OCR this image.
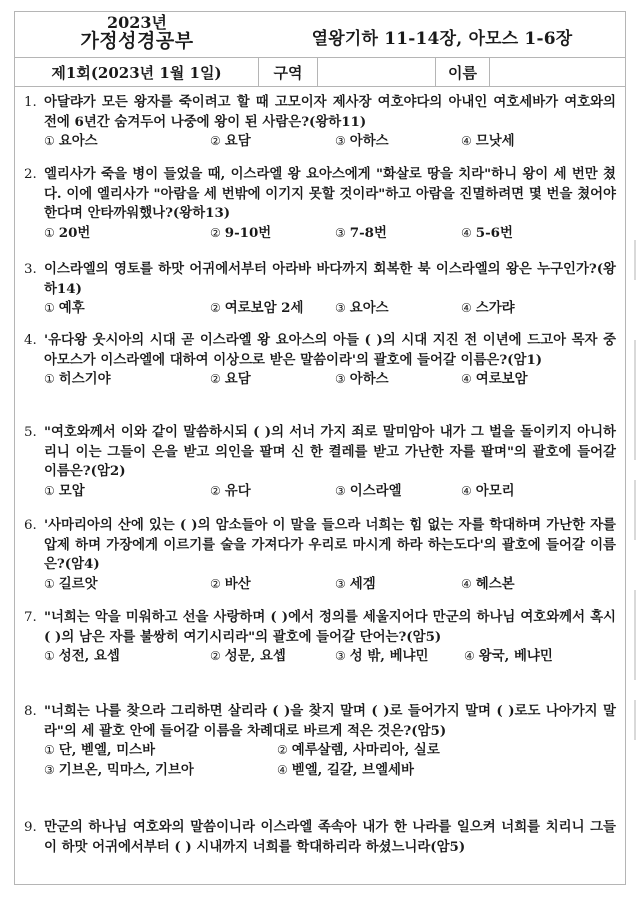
2023년
가정성경공부	열왕기하 11-14장, 아모스 1-6장
제1회(2023년 1월 1일)	구역	이름
1. 아달랴가 모든 왕자를 죽이려고 할 때 고모이자 제사장 여호야다의 아내인 여호세바가 여호와의 전에 6년간 숨겨두어 나중에 왕이 된 사람은?(왕하11)
① 요아스	② 요담	③ 아하스	④ 므낫세
2. 엘리사가 죽을 병이 들었을 때, 이스라엘 왕 요아스에게 "화살로 땅을 치라"하니 왕이 세 번만 쳤다. 이에 엘리사가 "아람을 세 번밖에 이기지 못할 것이라"하고 아람을 진멸하려면 몇 번을 쳤어야 한다며 안타까워했나?(왕하13)
① 20번	② 9-10번	③ 7-8번	④ 5-6번
3. 이스라엘의 영토를 하맛 어귀에서부터 아라바 바다까지 회복한 북 이스라엘의 왕은 누구인가?(왕하14)
① 예후	② 여로보암 2세	③ 요아스	④ 스가랴
4. '유다왕 웃시아의 시대 곧 이스라엘 왕 요아스의 아들 ( )의 시대 지진 전 이년에 드고아 목자 중 아모스가 이스라엘에 대하여 이상으로 받은 말씀이라'의 괄호에 들어갈 이름은?(암1)
① 히스기야	② 요담	③ 아하스	④ 여로보암
5. "여호와께서 이와 같이 말씀하시되 ( )의 서너 가지 죄로 말미암아 내가 그 벌을 돌이키지 아니하리니 이는 그들이 은을 받고 의인을 팔며 신 한 켤레를 받고 가난한 자를 팔며"의 괄호에 들어갈 이름은?(암2)
① 모압	② 유다	③ 이스라엘	④ 아모리
6. '사마리아의 산에 있는 ( )의 암소들아 이 말을 들으라 너희는 힘 없는 자를 학대하며 가난한 자를 압제 하며 가장에게 이르기를 술을 가져다가 우리로 마시게 하라 하는도다'의 괄호에 들어갈 이름은?(암4)
① 길르앗	② 바산	③ 세겜	④ 헤스본
7. "너희는 악을 미워하고 선을 사랑하며 ( )에서 정의를 세울지어다 만군의 하나님 여호와께서 혹시 ( )의 남은 자를 불쌍히 여기시리라"의 괄호에 들어갈 단어는?(암5)
① 성전, 요셉	② 성문, 요셉	③ 성 밖, 베냐민	④ 왕국, 베냐민
8. "너희는 나를 찾으라 그리하면 살리라 ( )을 찾지 말며 ( )로 들어가지 말며 ( )로도 나아가지 말라"의 세 괄호 안에 들어갈 이름을 차례대로 바르게 적은 것은?(암5)
① 단, 벧엘, 미스바	② 예루살렘, 사마리아, 실로
③ 기브온, 믹마스, 기브아	④ 벧엘, 길갈, 브엘세바
9. 만군의 하나님 여호와의 말씀이니라 이스라엘 족속아 내가 한 나라를 일으켜 너희를 치리니 그들이 하맛 어귀에서부터 ( ) 시내까지 너희를 학대하리라 하셨느니라(암5)
